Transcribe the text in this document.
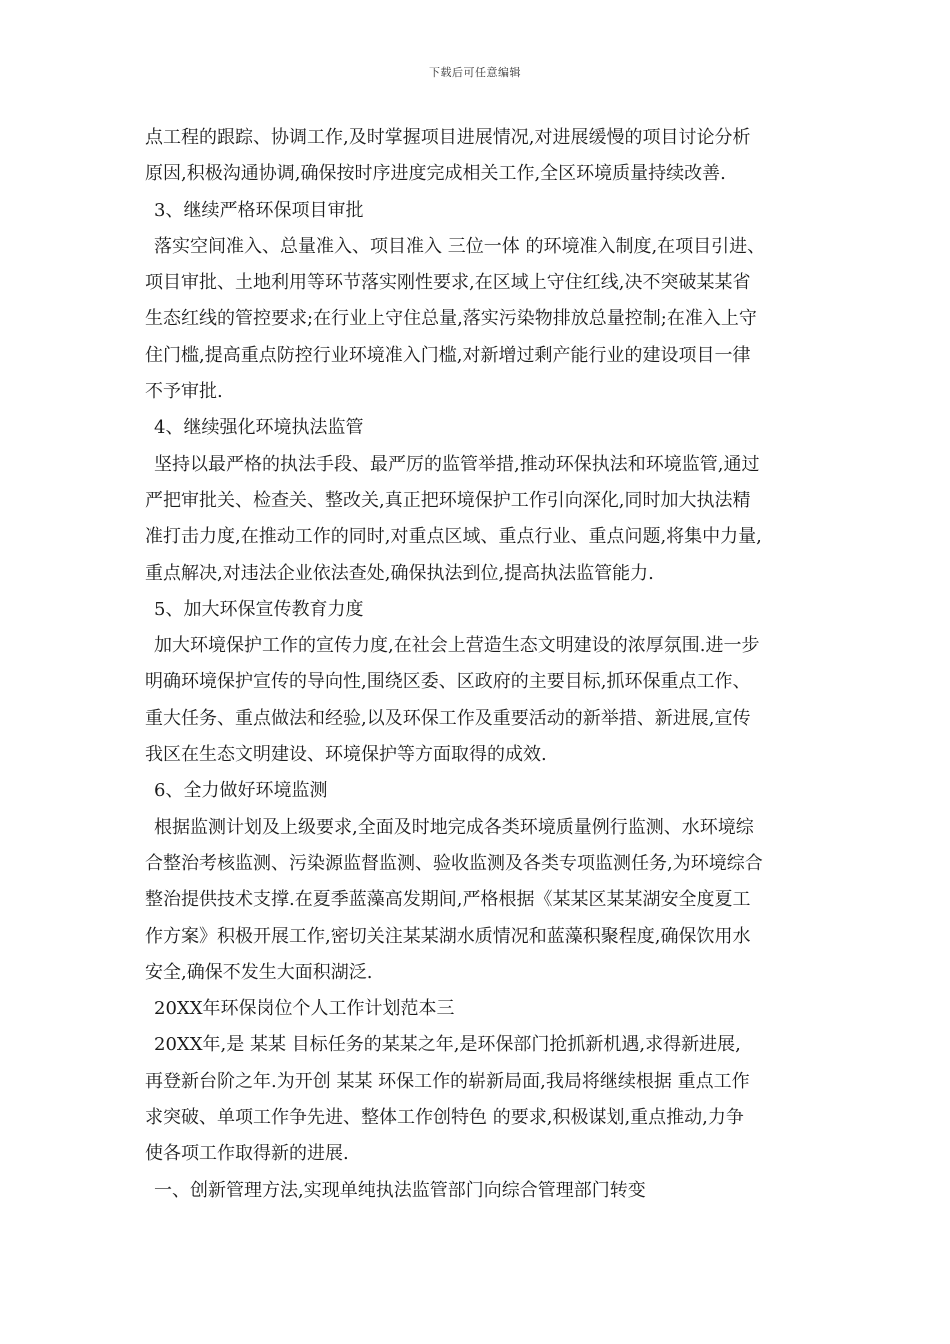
下载后可任意编辑
点工程的跟踪、协调工作,及时掌握项目进展情况,对进展缓慢的项目讨论分析
原因,积极沟通协调,确保按时序进度完成相关工作,全区环境质量持续改善.
3、继续严格环保项目审批
落实空间准入、总量准入、项目准入 三位一体 的环境准入制度,在项目引进、
项目审批、土地利用等环节落实刚性要求,在区域上守住红线,决不突破某某省
生态红线的管控要求;在行业上守住总量,落实污染物排放总量控制;在准入上守
住门槛,提高重点防控行业环境准入门槛,对新增过剩产能行业的建设项目一律
不予审批.
4、继续强化环境执法监管
坚持以最严格的执法手段、最严厉的监管举措,推动环保执法和环境监管,通过
严把审批关、检查关、整改关,真正把环境保护工作引向深化,同时加大执法精
准打击力度,在推动工作的同时,对重点区域、重点行业、重点问题,将集中力量,
重点解决,对违法企业依法查处,确保执法到位,提高执法监管能力.
5、加大环保宣传教育力度
加大环境保护工作的宣传力度,在社会上营造生态文明建设的浓厚氛围.进一步
明确环境保护宣传的导向性,围绕区委、区政府的主要目标,抓环保重点工作、
重大任务、重点做法和经验,以及环保工作及重要活动的新举措、新进展,宣传
我区在生态文明建设、环境保护等方面取得的成效.
6、全力做好环境监测
根据监测计划及上级要求,全面及时地完成各类环境质量例行监测、水环境综
合整治考核监测、污染源监督监测、验收监测及各类专项监测任务,为环境综合
整治提供技术支撑.在夏季蓝藻高发期间,严格根据《某某区某某湖安全度夏工
作方案》积极开展工作,密切关注某某湖水质情况和蓝藻积聚程度,确保饮用水
安全,确保不发生大面积湖泛.
20XX年环保岗位个人工作计划范本三
20XX年,是 某某 目标任务的某某之年,是环保部门抢抓新机遇,求得新进展,
再登新台阶之年.为开创 某某 环保工作的崭新局面,我局将继续根据 重点工作
求突破、单项工作争先进、整体工作创特色 的要求,积极谋划,重点推动,力争
使各项工作取得新的进展.
一、创新管理方法,实现单纯执法监管部门向综合管理部门转变
